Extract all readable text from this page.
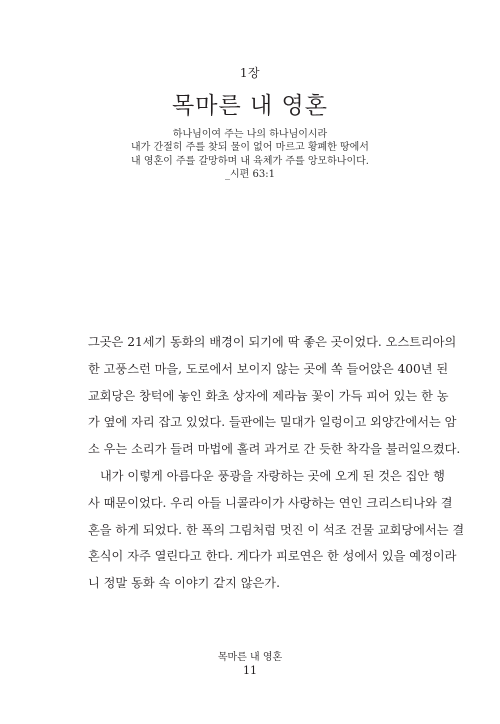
1장
목마른 내 영혼
하나님이여 주는 나의 하나님이시라
내가 간절히 주를 찾되 물이 없어 마르고 황폐한 땅에서
내 영혼이 주를 갈망하며 내 육체가 주를 앙모하나이다.
_시편 63:1
그곳은 21세기 동화의 배경이 되기에 딱 좋은 곳이었다. 오스트리아의
한 고풍스런 마을, 도로에서 보이지 않는 곳에 쏙 들어앉은 400년 된
교회당은 창턱에 놓인 화초 상자에 제라늄 꽃이 가득 피어 있는 한 농
가 옆에 자리 잡고 있었다. 들판에는 밀대가 일렁이고 외양간에서는 암
소 우는 소리가 들려 마법에 홀려 과거로 간 듯한 착각을 불러일으켰다.
내가 이렇게 아름다운 풍광을 자랑하는 곳에 오게 된 것은 집안 행
사 때문이었다. 우리 아들 니콜라이가 사랑하는 연인 크리스티나와 결
혼을 하게 되었다. 한 폭의 그림처럼 멋진 이 석조 건물 교회당에서는 결
혼식이 자주 열린다고 한다. 게다가 피로연은 한 성에서 있을 예정이라
니 정말 동화 속 이야기 같지 않은가.
목마른 내 영혼
11
